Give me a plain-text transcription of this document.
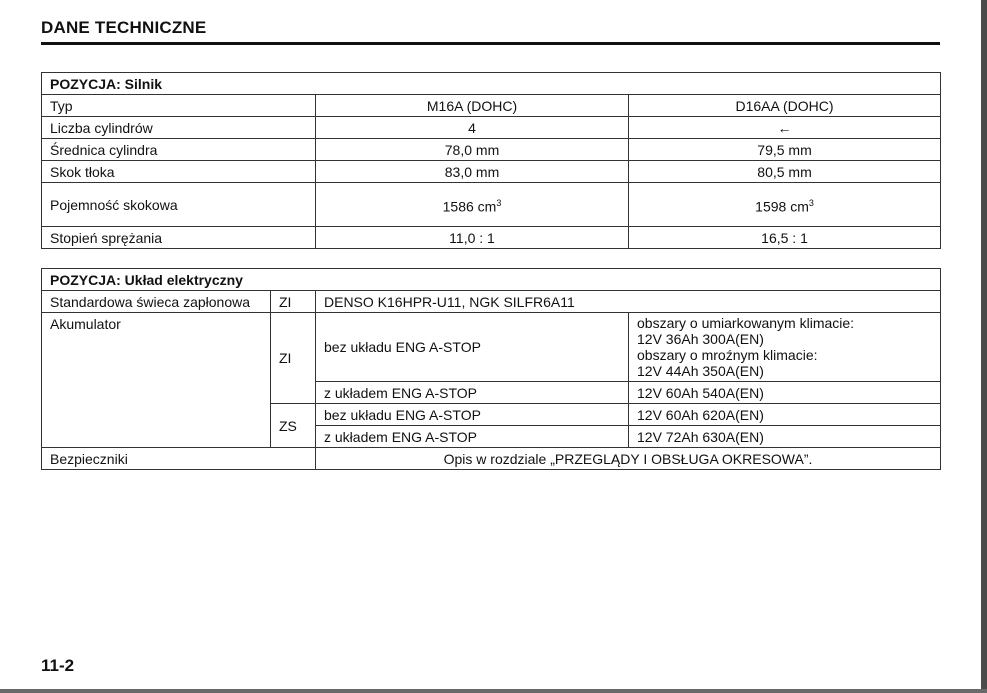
DANE TECHNICZNE
POZYCJA: Silnik		
Typ	M16A (DOHC)	D16AA (DOHC)
Liczba cylindrów	4	←
Średnica cylindra	78,0 mm	79,5 mm
Skok tłoka	83,0 mm	80,5 mm
Pojemność skokowa	1586 $cm^3$	1598 $cm^3$
Stopień sprężania	11,0 : 1	16,5 : 1
POZYCJA: Układ elektryczny			
Standardowa świeca zapłonowa	ZI	DENSO K16HPR-U11, NGK SILFR6A11	
Akumulator	ZI	bez układu ENG A-STOP	obszary o umiarkowanym klimacie:
12V 36Ah 300A(EN)
obszary o mroźnym klimacie:
12V 44Ah 350A(EN)
		z układem ENG A-STOP	12V 60Ah 540A(EN)
	ZS	bez układu ENG A-STOP	12V 60Ah 620A(EN)
		z układem ENG A-STOP	12V 72Ah 630A(EN)
Bezpieczniki		Opis w rozdziale „PRZEGLĄDY I OBSŁUGA OKRESOWA”.	

11-2
